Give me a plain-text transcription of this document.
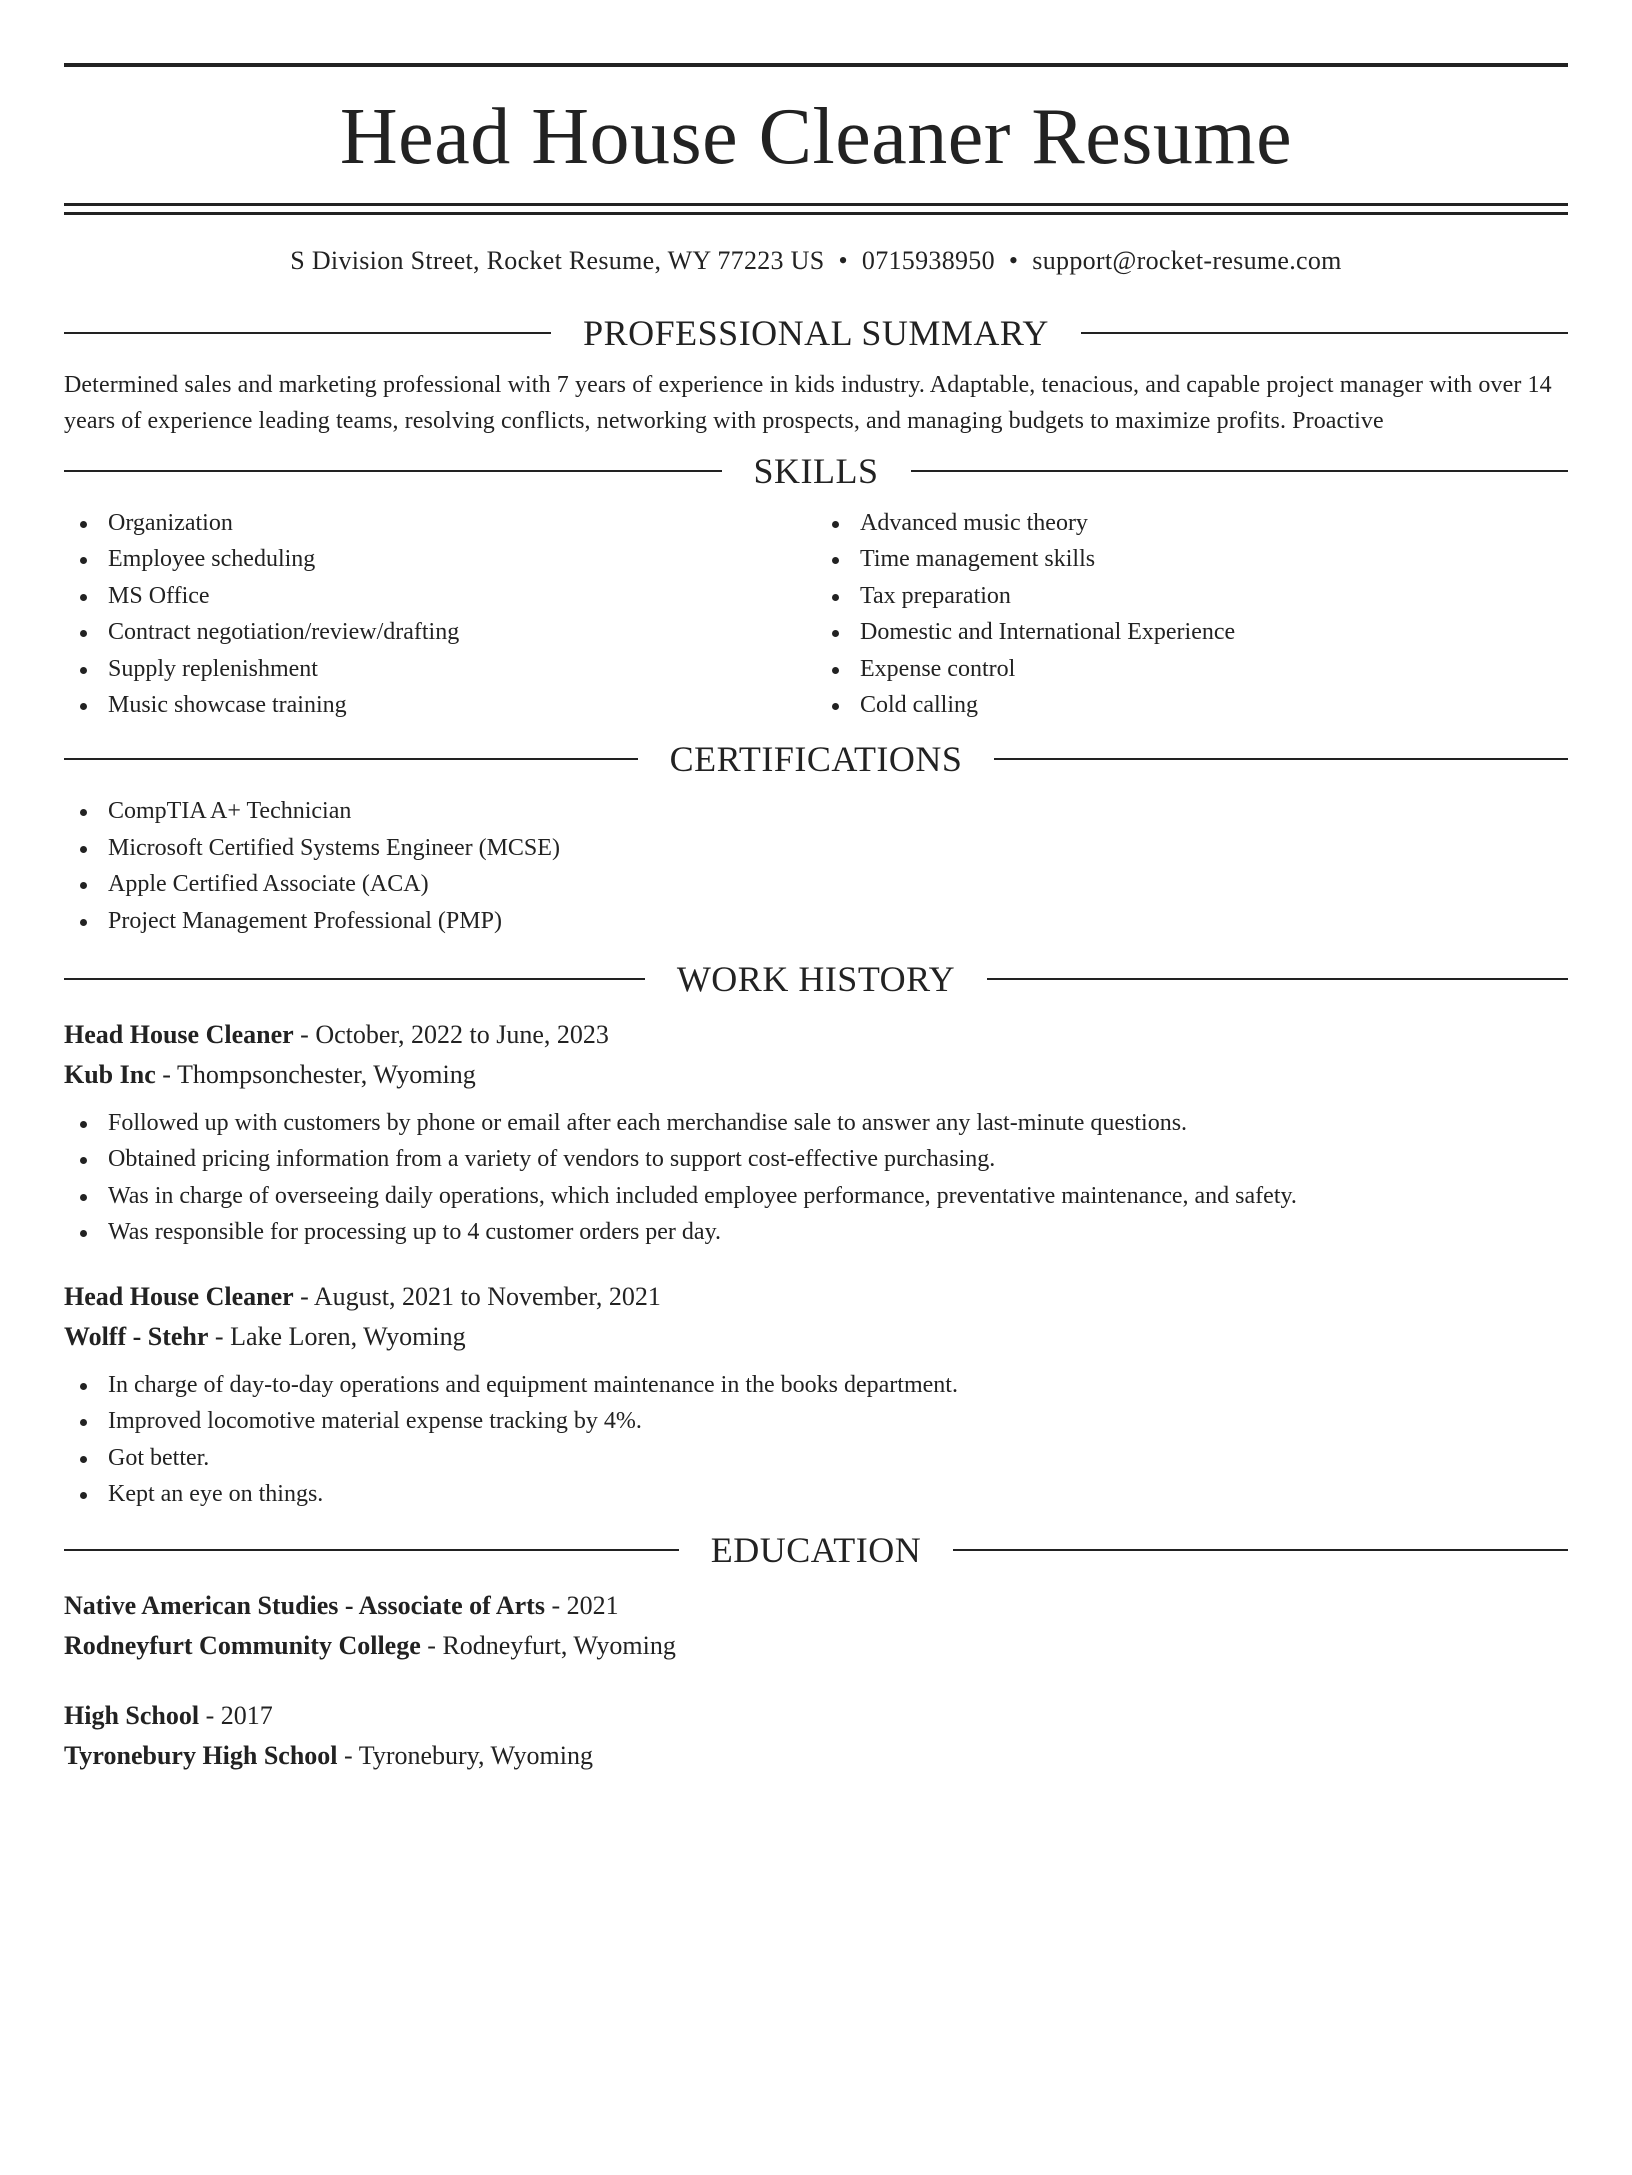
Head House Cleaner Resume
S Division Street, Rocket Resume, WY 77223 US • 0715938950 • support@rocket-resume.com
PROFESSIONAL SUMMARY

Determined sales and marketing professional with 7 years of experience in kids industry. Adaptable, tenacious, and capable project manager with over 14 years of experience leading teams, resolving conflicts, networking with prospects, and managing budgets to maximize profits. Proactive

SKILLS
Organization
Employee scheduling
MS Office
Contract negotiation/review/drafting
Supply replenishment
Music showcase training
Advanced music theory
Time management skills
Tax preparation
Domestic and International Experience
Expense control
Cold calling
CERTIFICATIONS
CompTIA A+ Technician
Microsoft Certified Systems Engineer (MCSE)
Apple Certified Associate (ACA)
Project Management Professional (PMP)
WORK HISTORY
Head House Cleaner - October, 2022 to June, 2023
Kub Inc - Thompsonchester, Wyoming
Followed up with customers by phone or email after each merchandise sale to answer any last-minute questions.
Obtained pricing information from a variety of vendors to support cost-effective purchasing.
Was in charge of overseeing daily operations, which included employee performance, preventative maintenance, and safety.
Was responsible for processing up to 4 customer orders per day.
Head House Cleaner - August, 2021 to November, 2021
Wolff - Stehr - Lake Loren, Wyoming
In charge of day-to-day operations and equipment maintenance in the books department.
Improved locomotive material expense tracking by 4%.
Got better.
Kept an eye on things.
EDUCATION
Native American Studies - Associate of Arts - 2021
Rodneyfurt Community College - Rodneyfurt, Wyoming
High School - 2017
Tyronebury High School - Tyronebury, Wyoming
